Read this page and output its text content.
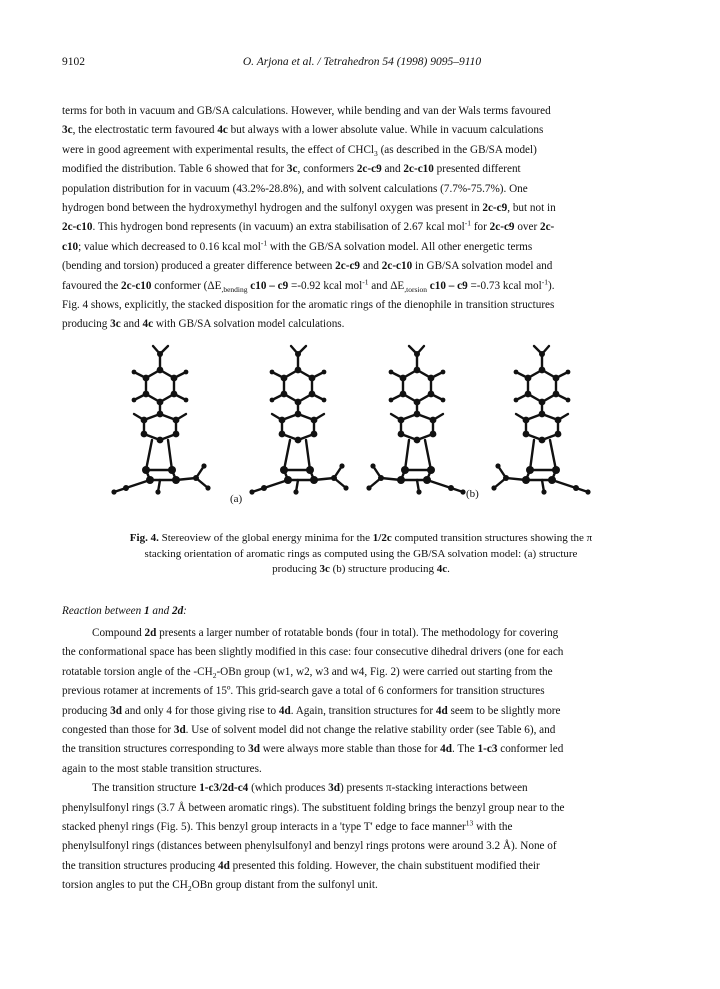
9102	O. Arjona et al. / Tetrahedron 54 (1998) 9095–9110

terms for both in vacuum and GB/SA calculations. However, while bending and van der Wals terms favoured

3c, the electrostatic term favoured 4c but always with a lower absolute value. While in vacuum calculations

were in good agreement with experimental results, the effect of CHCl$_3$ (as described in the GB/SA model)

modified the distribution. Table 6 showed that for 3c, conformers 2c-c9 and 2c-c10 presented different

population distribution for in vacuum (43.2%-28.8%), and with solvent calculations (7.7%-75.7%). One

hydrogen bond between the hydroxymethyl hydrogen and the sulfonyl oxygen was present in 2c-c9, but not in

2c-c10. This hydrogen bond represents (in vacuum) an extra stabilisation of 2.67 kcal mol$^{-1}$ for 2c-c9 over 2c-

c10; value which decreased to 0.16 kcal mol$^{-1}$ with the GB/SA solvation model. All other energetic terms

(bending and torsion) produced a greater difference between 2c-c9 and 2c-c10 in GB/SA solvation model and

favoured the 2c-c10 conformer ($\Delta E_{,bending}$ c10 – c9 =-0.92 kcal mol$^{-1}$ and $\Delta E_{,torsion}$ c10 – c9 =-0.73 kcal mol$^{-1}$).

Fig. 4 shows, explicitly, the stacked disposition for the aromatic rings of the dienophile in transition structures

producing 3c and 4c with GB/SA solvation model calculations.

(a)	(b)
Fig. 4. Stereoview of the global energy minima for the 1/2c computed transition structures showing the π
stacking orientation of aromatic rings as computed using the GB/SA solvation model: (a) structure
producing 3c (b) structure producing 4c.
Reaction between 1 and 2d:

Compound 2d presents a larger number of rotatable bonds (four in total). The methodology for covering

the conformational space has been slightly modified in this case: four consecutive dihedral drivers (one for each

rotatable torsion angle of the $-CH_2$-OBn group (w1, w2, w3 and w4, Fig. 2) were carried out starting from the

previous rotamer at increments of 15º. This grid-search gave a total of 6 conformers for transition structures

producing 3d and only 4 for those giving rise to 4d. Again, transition structures for 4d seem to be slightly more

congested than those for 3d. Use of solvent model did not change the relative stability order (see Table 6), and

the transition structures corresponding to 3d were always more stable than those for 4d. The 1-c3 conformer led

again to the most stable transition structures.

The transition structure 1-c3/2d-c4 (which produces 3d) presents π-stacking interactions between

phenylsulfonyl rings (3.7 Å between aromatic rings). The substituent folding brings the benzyl group near to the

stacked phenyl rings (Fig. 5). This benzyl group interacts in a 'type T' edge to face manner$^{13}$ with the

phenylsulfonyl rings (distances between phenylsulfonyl and benzyl rings protons were around 3.2 Å). None of

the transition structures producing 4d presented this folding. However, the chain substituent modified their

torsion angles to put the $CH_2OBn$ group distant from the sulfonyl unit.
